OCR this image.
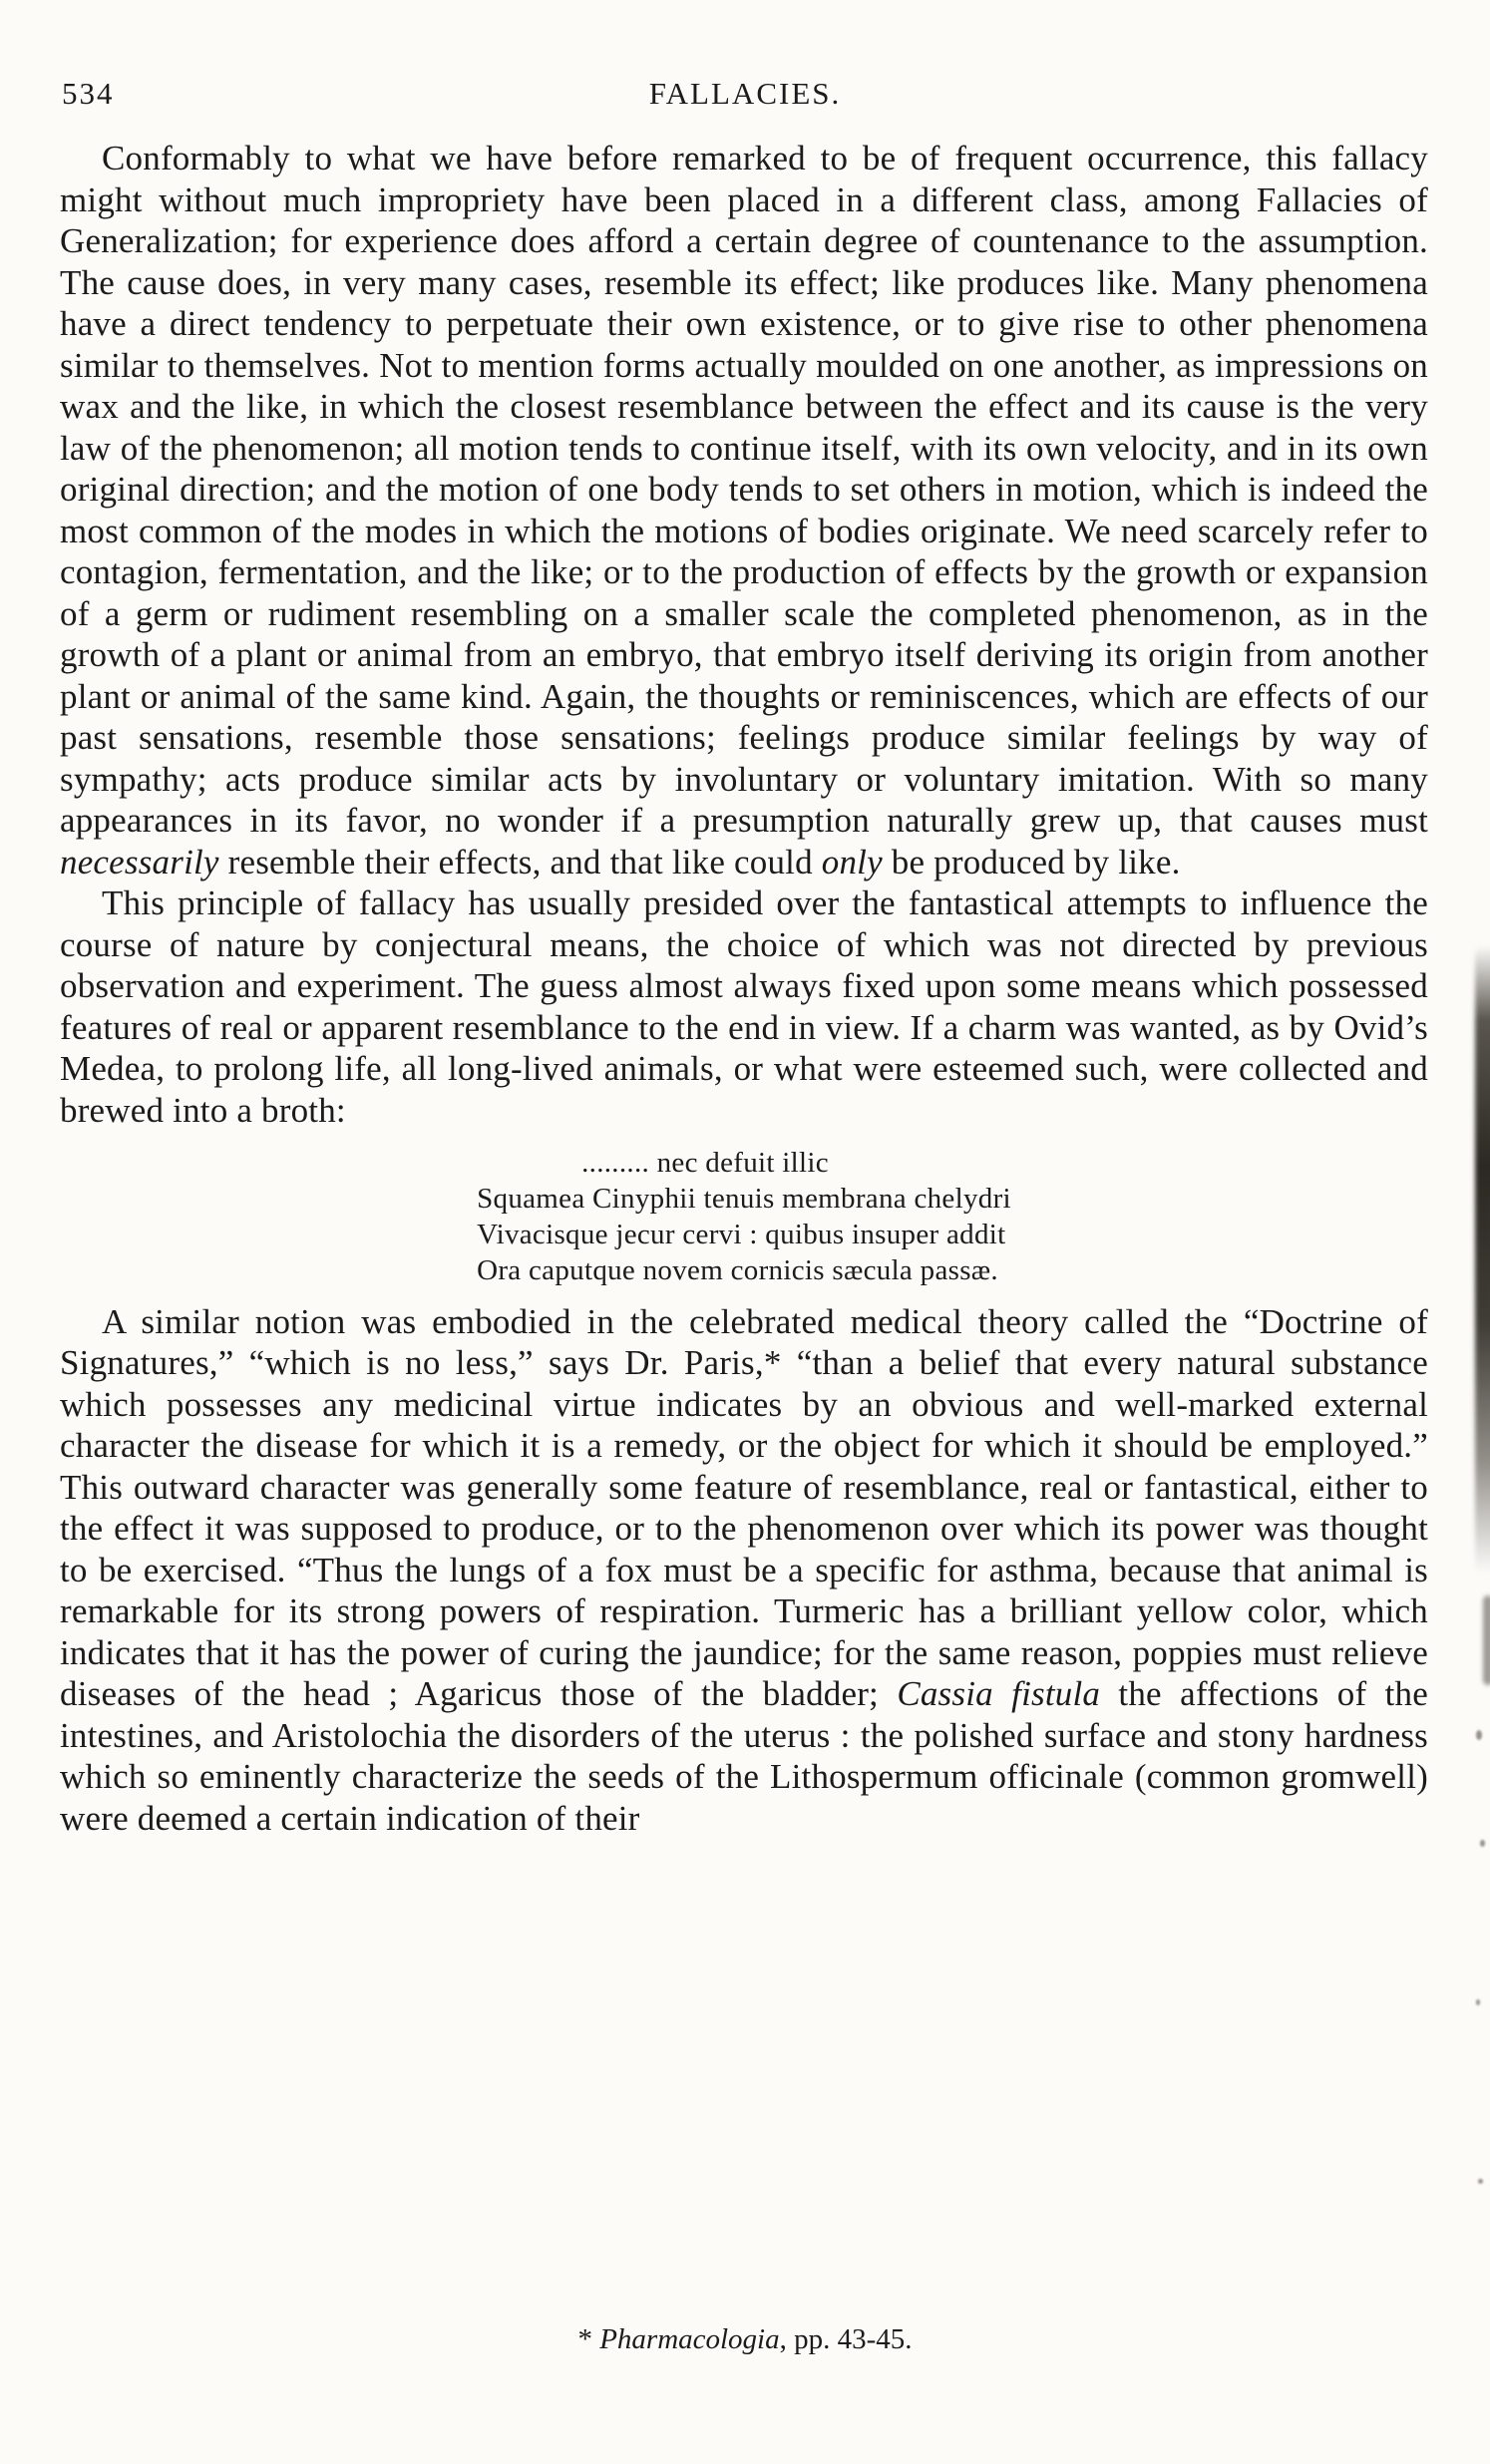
534	FALLACIES.

Conformably to what we have before remarked to be of frequent occurrence, this fallacy might without much impropriety have been placed in a different class, among Fallacies of Generalization; for experience does afford a certain degree of countenance to the assumption. The cause does, in very many cases, resemble its effect; like produces like. Many phenomena have a direct tendency to perpetuate their own existence, or to give rise to other phenomena similar to themselves. Not to mention forms actually moulded on one another, as impressions on wax and the like, in which the closest resemblance between the effect and its cause is the very law of the phenomenon; all motion tends to continue itself, with its own velocity, and in its own original direction; and the motion of one body tends to set others in motion, which is indeed the most common of the modes in which the motions of bodies originate. We need scarcely refer to contagion, fermentation, and the like; or to the production of effects by the growth or expansion of a germ or rudiment resembling on a smaller scale the completed phenomenon, as in the growth of a plant or animal from an embryo, that embryo itself deriving its origin from another plant or animal of the same kind. Again, the thoughts or reminiscences, which are effects of our past sensations, resemble those sensations; feelings produce similar feelings by way of sympathy; acts produce similar acts by involuntary or voluntary imitation. With so many appearances in its favor, no wonder if a presumption naturally grew up, that causes must necessarily resemble their effects, and that like could only be produced by like.

This principle of fallacy has usually presided over the fantastical attempts to influence the course of nature by conjectural means, the choice of which was not directed by previous observation and experiment. The guess almost always fixed upon some means which possessed features of real or apparent resemblance to the end in view. If a charm was wanted, as by Ovid’s Medea, to prolong life, all long-lived animals, or what were esteemed such, were collected and brewed into a broth:

......... nec defuit illic
Squamea Cinyphii tenuis membrana chelydri
Vivacisque jecur cervi : quibus insuper addit
Ora caputque novem cornicis sæcula passæ.

A similar notion was embodied in the celebrated medical theory called the “Doctrine of Signatures,” “which is no less,” says Dr. Paris,* “than a belief that every natural substance which possesses any medicinal virtue indicates by an obvious and well-marked external character the disease for which it is a remedy, or the object for which it should be employed.” This outward character was generally some feature of resemblance, real or fantastical, either to the effect it was supposed to produce, or to the phenomenon over which its power was thought to be exercised. “Thus the lungs of a fox must be a specific for asthma, because that animal is remarkable for its strong powers of respiration. Turmeric has a brilliant yellow color, which indicates that it has the power of curing the jaundice; for the same reason, poppies must relieve diseases of the head ; Agaricus those of the bladder; Cassia fistula the affections of the intestines, and Aristolochia the disorders of the uterus : the polished surface and stony hardness which so eminently characterize the seeds of the Lithospermum officinale (common gromwell) were deemed a certain indication of their

* Pharmacologia, pp. 43-45.
